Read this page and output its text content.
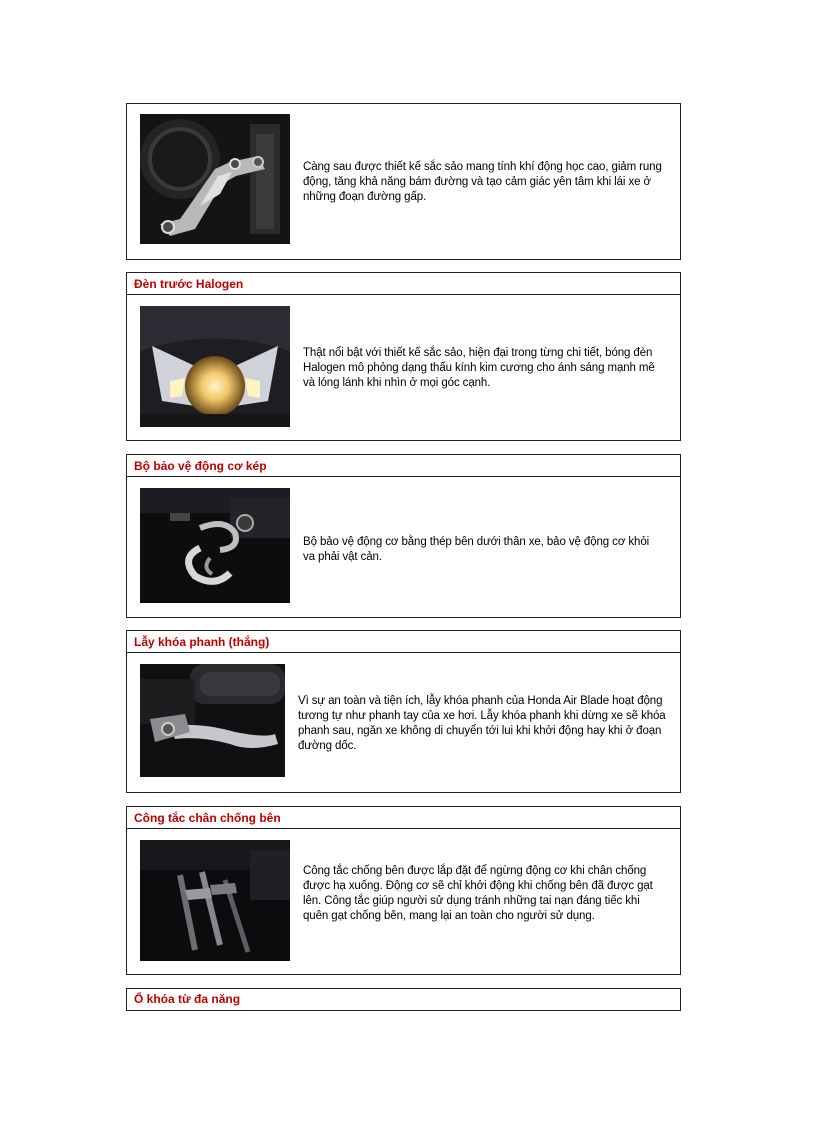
Càng sau được thiết kế sắc sảo mang tính khí động học cao, giảm rung động, tăng khả năng bám đường và tạo cảm giác yên tâm khi lái xe ở những đoạn đường gấp.
Đèn trước Halogen
Thật nổi bật với thiết kế sắc sảo, hiện đại trong từng chi tiết, bóng đèn Halogen mô phỏng dạng thấu kính kim cương cho ánh sáng mạnh mẽ và lóng lánh khi nhìn ở mọi góc cạnh.
Bộ bảo vệ động cơ kép
Bộ bảo vệ động cơ bằng thép bên dưới thân xe, bảo vệ động cơ khỏi va phải vật cản.
Lẫy khóa phanh (thắng)
Vì sự an toàn và tiện ích, lẫy khóa phanh của Honda Air Blade hoạt động tương tự như phanh tay của xe hơi. Lẫy khóa phanh khi dừng xe sẽ khóa phanh sau, ngăn xe không di chuyển tới lui khi khởi động hay khi ở đoạn đường dốc.
Công tắc chân chống bên
Công tắc chống bên được lắp đặt để ngừng động cơ khi chân chống được hạ xuống. Động cơ sẽ chỉ khởi động khi chống bên đã được gạt lên. Công tắc giúp người sử dụng tránh những tai nạn đáng tiếc khi quên gạt chống bên, mang lại an toàn cho người sử dụng.
Ổ khóa từ đa năng
